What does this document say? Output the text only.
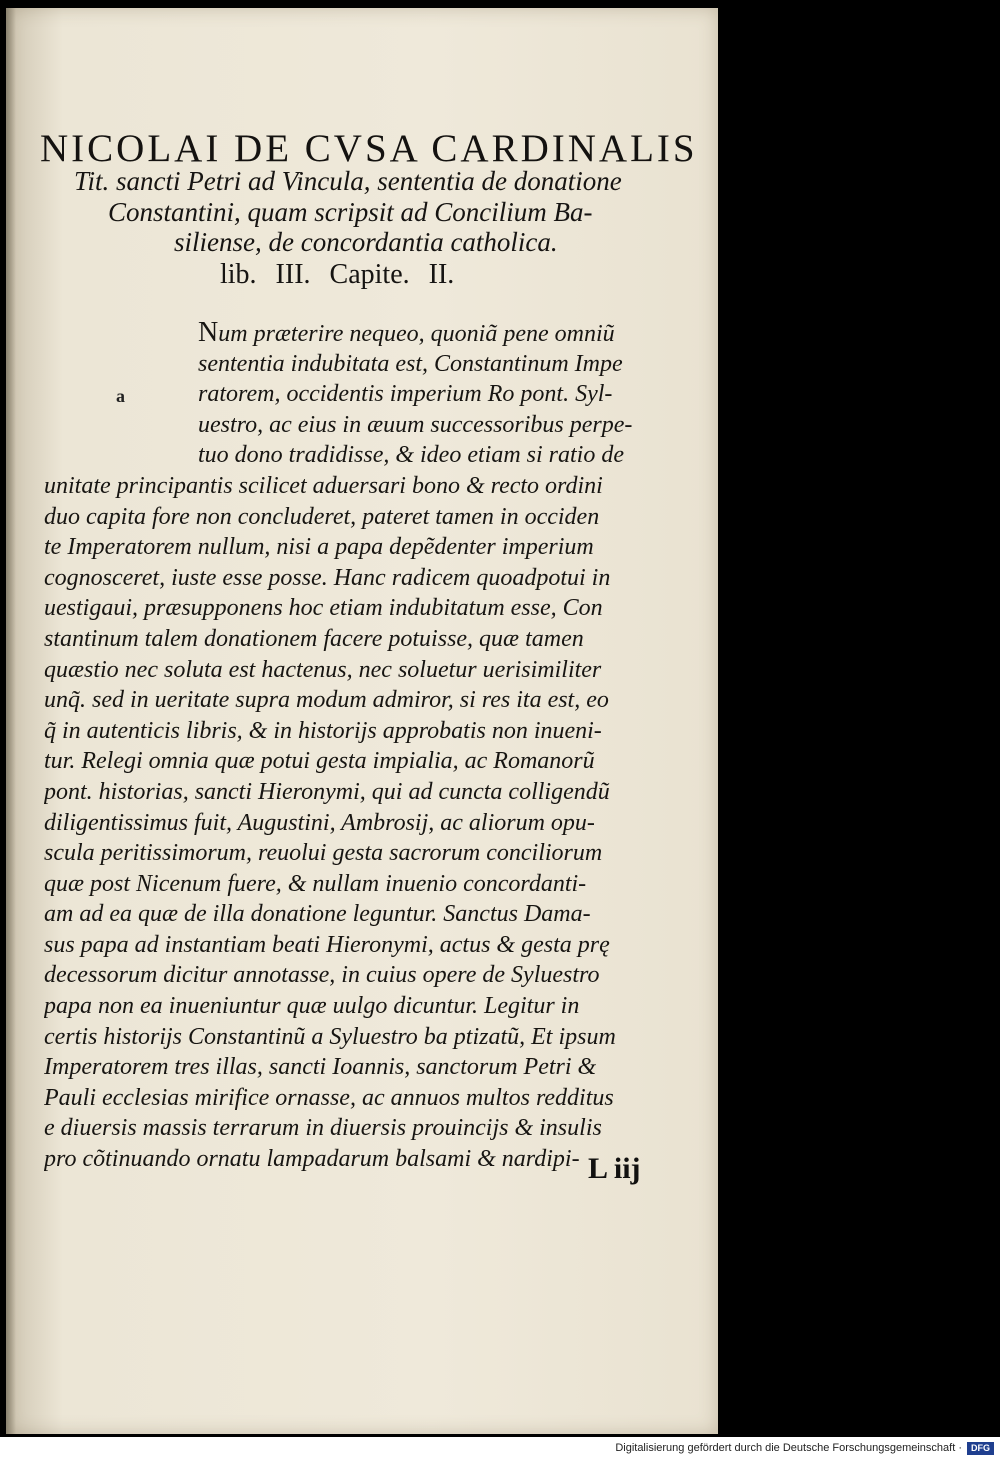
NICOLAI DE CVSA CARDINALIS
Tit. sancti Petri ad Vincula, sententia de donatione
Constantini, quam scripsit ad Concilium Ba-
siliense, de concordantia catholica.
lib. III. Capite. II.
a
Num præterire nequeo, quoniã pene omniũ
sententia indubitata est, Constantinum Impe
ratorem, occidentis imperium Ro pont. Syl-
uestro, ac eius in æuum successoribus perpe-
tuo dono tradidisse, & ideo etiam si ratio de
unitate principantis scilicet aduersari bono & recto ordini
duo capita fore non concluderet, pateret tamen in occiden
te Imperatorem nullum, nisi a papa depẽdenter imperium
cognosceret, iuste esse posse. Hanc radicem quoadpotui in
uestigaui, præsupponens hoc etiam indubitatum esse, Con
stantinum talem donationem facere potuisse, quæ tamen
quæstio nec soluta est hactenus, nec soluetur uerisimiliter
unq̃. sed in ueritate supra modum admiror, si res ita est, eo
q̃ in autenticis libris, & in historijs approbatis non inueni-
tur. Relegi omnia quæ potui gesta impialia, ac Romanorũ
pont. historias, sancti Hieronymi, qui ad cuncta colligendũ
diligentissimus fuit, Augustini, Ambrosij, ac aliorum opu-
scula peritissimorum, reuolui gesta sacrorum conciliorum
quæ post Nicenum fuere, & nullam inuenio concordanti-
am ad ea quæ de illa donatione leguntur. Sanctus Dama-
sus papa ad instantiam beati Hieronymi, actus & gesta prę
decessorum dicitur annotasse, in cuius opere de Syluestro
papa non ea inueniuntur quæ uulgo dicuntur. Legitur in
certis historijs Constantinũ a Syluestro ba ptizatũ, Et ipsum
Imperatorem tres illas, sancti Ioannis, sanctorum Petri &
Pauli ecclesias mirifice ornasse, ac annuos multos redditus
e diuersis massis terrarum in diuersis prouincijs & insulis
pro cõtinuando ornatu lampadarum balsami & nardipi- L iij
Digitalisierung gefördert durch die Deutsche Forschungsgemeinschaft ·	DFG
